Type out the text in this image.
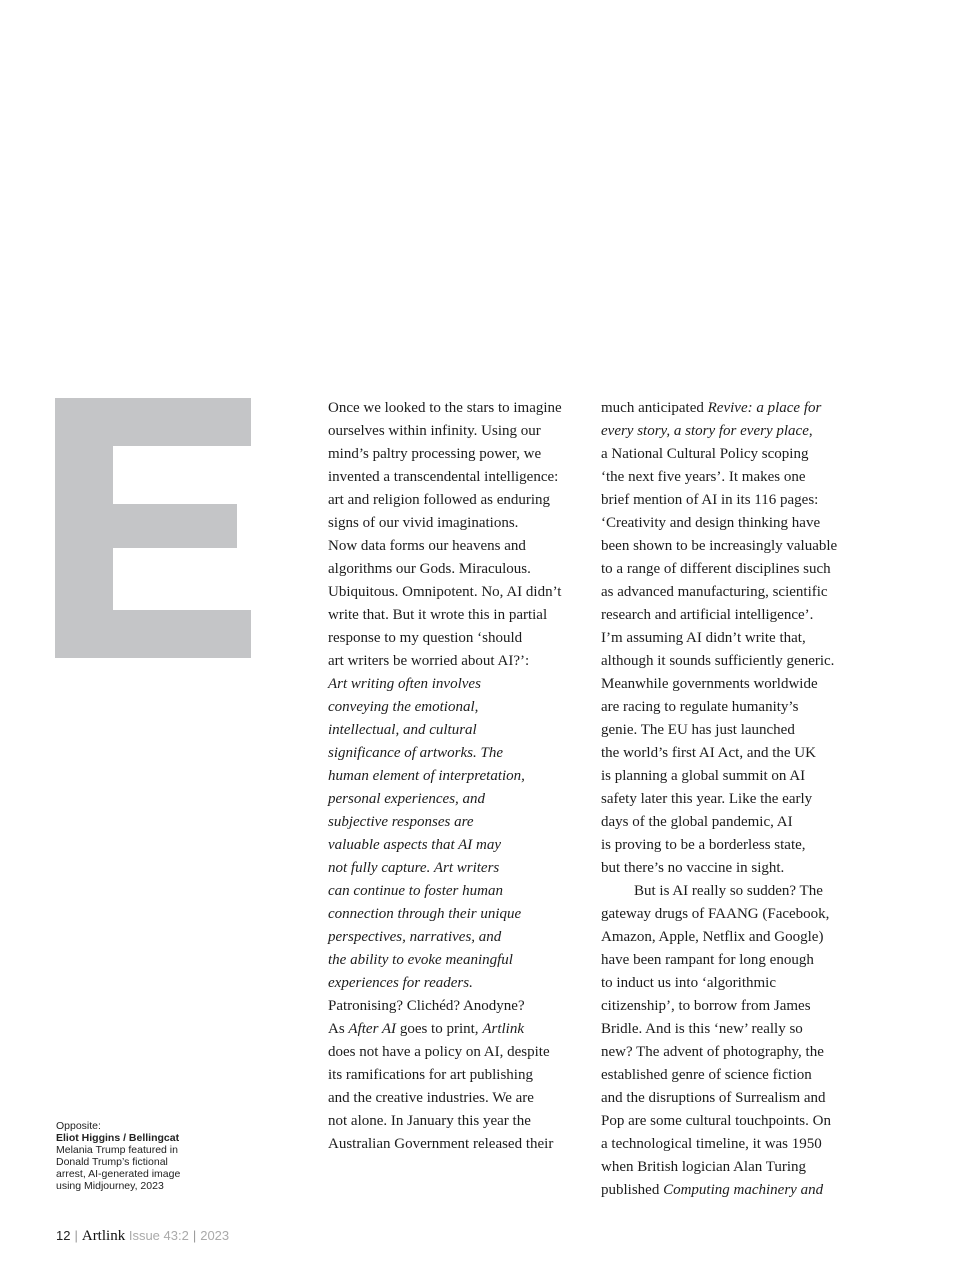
Once we looked to the stars to imagine
ourselves within infinity. Using our
mind’s paltry processing power, we
invented a transcendental intelligence:
art and religion followed as enduring
signs of our vivid imaginations.
Now data forms our heavens and
algorithms our Gods. Miraculous.
Ubiquitous. Omnipotent. No, AI didn’t
write that. But it wrote this in partial
response to my question ‘should
art writers be worried about AI?’:

Art writing often involves
conveying the emotional,
intellectual, and cultural
significance of artworks. The
human element of interpretation,
personal experiences, and
subjective responses are
valuable aspects that AI may
not fully capture. Art writers
can continue to foster human
connection through their unique
perspectives, narratives, and
the ability to evoke meaningful
experiences for readers.

Patronising? Clichéd? Anodyne?
As After AI goes to print, Artlink
does not have a policy on AI, despite
its ramifications for art publishing
and the creative industries. We are
not alone. In January this year the
Australian Government released their

much anticipated Revive: a place for
every story, a story for every place,
a National Cultural Policy scoping
‘the next five years’. It makes one
brief mention of AI in its 116 pages:
‘Creativity and design thinking have
been shown to be increasingly valuable
to a range of different disciplines such
as advanced manufacturing, scientific
research and artificial intelligence’.
I’m assuming AI didn’t write that,
although it sounds sufficiently generic.
Meanwhile governments worldwide
are racing to regulate humanity’s
genie. The EU has just launched
the world’s first AI Act, and the UK
is planning a global summit on AI
safety later this year. Like the early
days of the global pandemic, AI
is proving to be a borderless state,
but there’s no vaccine in sight.
But is AI really so sudden? The
gateway drugs of FAANG (Facebook,
Amazon, Apple, Netflix and Google)
have been rampant for long enough
to induct us into ‘algorithmic
citizenship’, to borrow from James
Bridle. And is this ‘new’ really so
new? The advent of photography, the
established genre of science fiction
and the disruptions of Surrealism and
Pop are some cultural touchpoints. On
a technological timeline, it was 1950
when British logician Alan Turing
published Computing machinery and

Opposite:
Eliot Higgins / Bellingcat
Melania Trump featured in
Donald Trump’s fictional
arrest, AI-generated image
using Midjourney, 2023
12 | Artlink Issue 43:2 | 2023
